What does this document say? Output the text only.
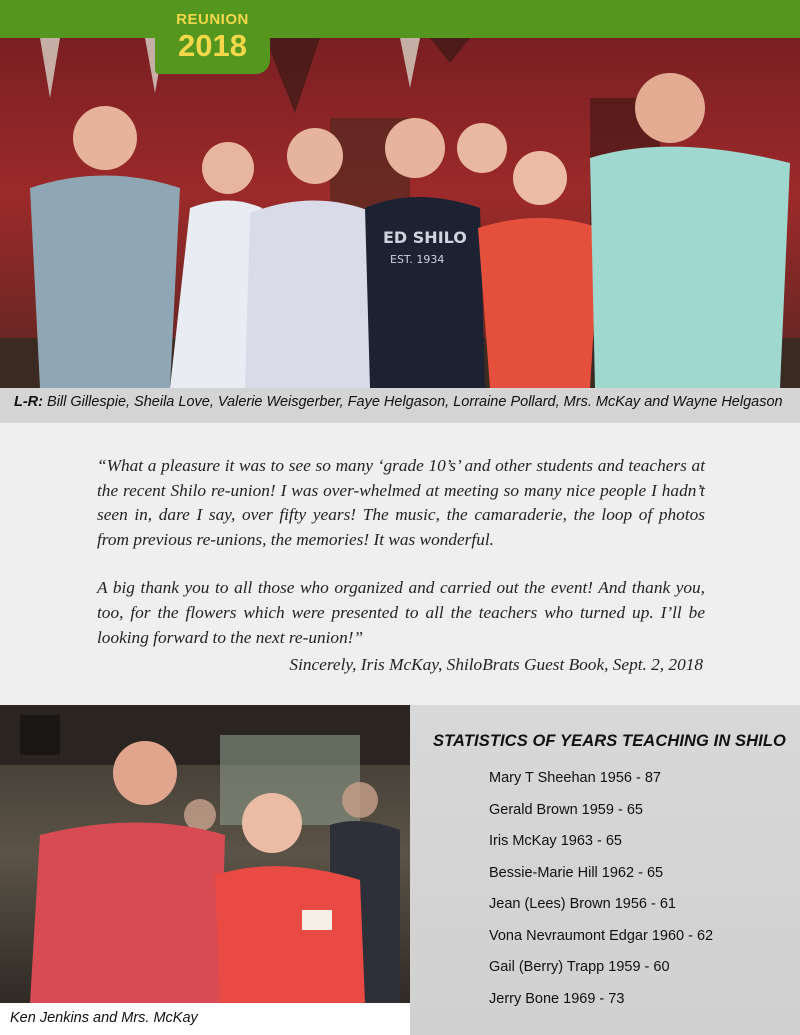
REUNION
2018
ED SHILO
EST. 1934
L-R: Bill Gillespie, Sheila Love, Valerie Weisgerber, Faye Helgason, Lorraine Pollard, Mrs. McKay and Wayne Helgason

“What a pleasure it was to see so many ‘grade 10’s’ and other students and teachers at the recent Shilo re-union! I was over-whelmed at meeting so many nice people I hadn’t seen in, dare I say, over fifty years! The music, the camaraderie, the loop of photos from previous re-unions, the memories! It was wonderful.

A big thank you to all those who organized and carried out the event! And thank you, too, for the flowers which were presented to all the teachers who turned up. I’ll be looking forward to the next re-union!”

Sincerely, Iris McKay, ShiloBrats Guest Book, Sept. 2, 2018
Ken Jenkins and Mrs. McKay
STATISTICS OF YEARS TEACHING IN SHILO
Mary T Sheehan 1956 - 87
Gerald Brown 1959 - 65
Iris McKay 1963 - 65
Bessie-Marie Hill 1962 - 65
Jean (Lees) Brown 1956 - 61
Vona Nevraumont Edgar 1960 - 62
Gail (Berry) Trapp 1959 - 60
Jerry Bone 1969 - 73
